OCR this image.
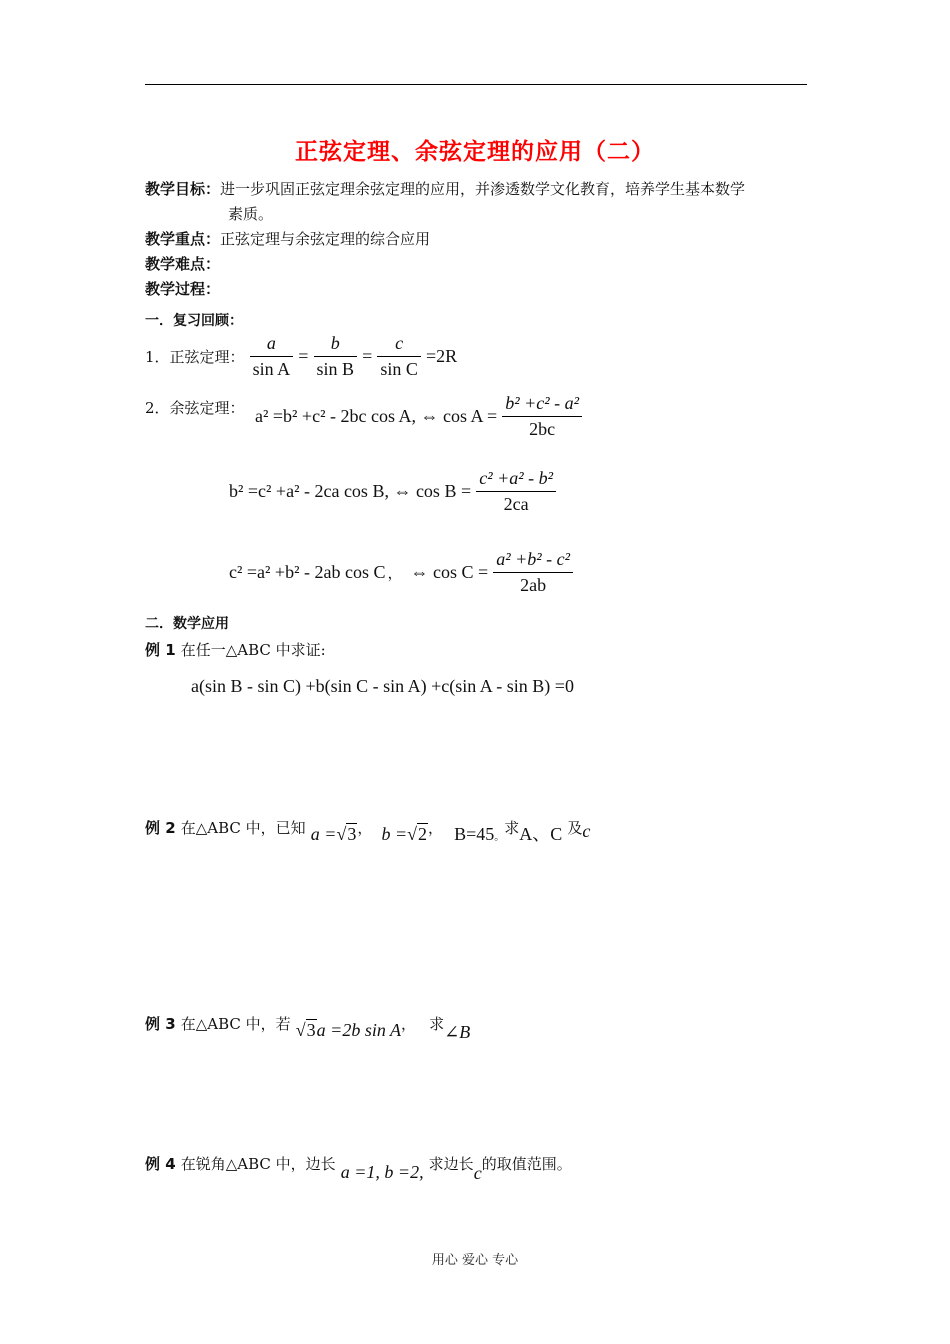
正弦定理、余弦定理的应用（二）
教学目标：进一步巩固正弦定理余弦定理的应用，并渗透数学文化教育，培养学生基本数学
素质。
教学重点：正弦定理与余弦定理的综合应用
教学难点：
教学过程：
一．复习回顾：
1．正弦定理： $\frac{a}{\text{sin A}} = \frac{b}{\text{sin B}} = \frac{c}{\text{sin C}} =2R$
2．余弦定理： a² =b² +c² - 2bc cos A, ⇔ $\cos A = \frac{\text{b² +c² - a²}}{2bc}$
b² =c² +a² - 2ca cos B, ⇔ $\cos B = \frac{\text{c² +a² - b²}}{2ca}$
c² =a² +b² - 2ab cos C ， ⇔ $\cos C = \frac{\text{a² +b² - c²}}{2ab}$
二．数学应用
例 1 在任一△ABC 中求证:
a(sin B - sin C) +b(sin C - sin A) +c(sin A - sin B) =0
例 2 在△ABC 中，已知 a =√3， b =√2， $B=45_。$求A、C 及c
例 3 在△ABC 中，若 √3a =2b sin A， 求∠B
例 4 在锐角△ABC 中，边长 a =1, b =2, 求边长c的取值范围。
用心 爱心 专心
